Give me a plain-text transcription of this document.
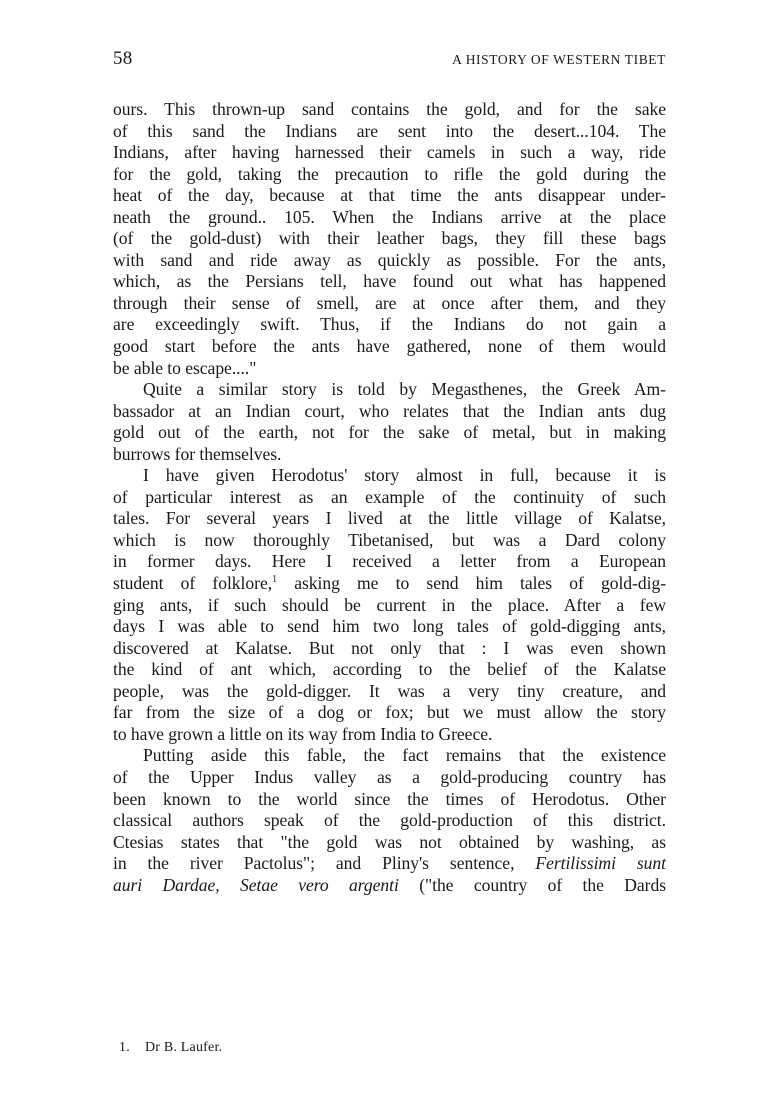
58	A HISTORY OF WESTERN TIBET
ours. This thrown-up sand contains the gold, and for the sake
of this sand the Indians are sent into the desert...104. The
Indians, after having harnessed their camels in such a way, ride
for the gold, taking the precaution to rifle the gold during the
heat of the day, because at that time the ants disappear under-
neath the ground.. 105. When the Indians arrive at the place
(of the gold-dust) with their leather bags, they fill these bags
with sand and ride away as quickly as possible. For the ants,
which, as the Persians tell, have found out what has happened
through their sense of smell, are at once after them, and they
are exceedingly swift. Thus, if the Indians do not gain a
good start before the ants have gathered, none of them would
be able to escape...."
Quite a similar story is told by Megasthenes, the Greek Am-
bassador at an Indian court, who relates that the Indian ants dug
gold out of the earth, not for the sake of metal, but in making
burrows for themselves.
I have given Herodotus' story almost in full, because it is
of particular interest as an example of the continuity of such
tales. For several years I lived at the little village of Kalatse,
which is now thoroughly Tibetanised, but was a Dard colony
in former days. Here I received a letter from a European
student of folklore,$^1$ asking me to send him tales of gold-dig-
ging ants, if such should be current in the place. After a few
days I was able to send him two long tales of gold-digging ants,
discovered at Kalatse. But not only that : I was even shown
the kind of ant which, according to the belief of the Kalatse
people, was the gold-digger. It was a very tiny creature, and
far from the size of a dog or fox; but we must allow the story
to have grown a little on its way from India to Greece.
Putting aside this fable, the fact remains that the existence
of the Upper Indus valley as a gold-producing country has
been known to the world since the times of Herodotus. Other
classical authors speak of the gold-production of this district.
Ctesias states that "the gold was not obtained by washing, as
in the river Pactolus"; and Pliny's sentence, Fertilissimi sunt
auri Dardae, Setae vero argenti ("the country of the Dards
1. Dr B. Laufer.
